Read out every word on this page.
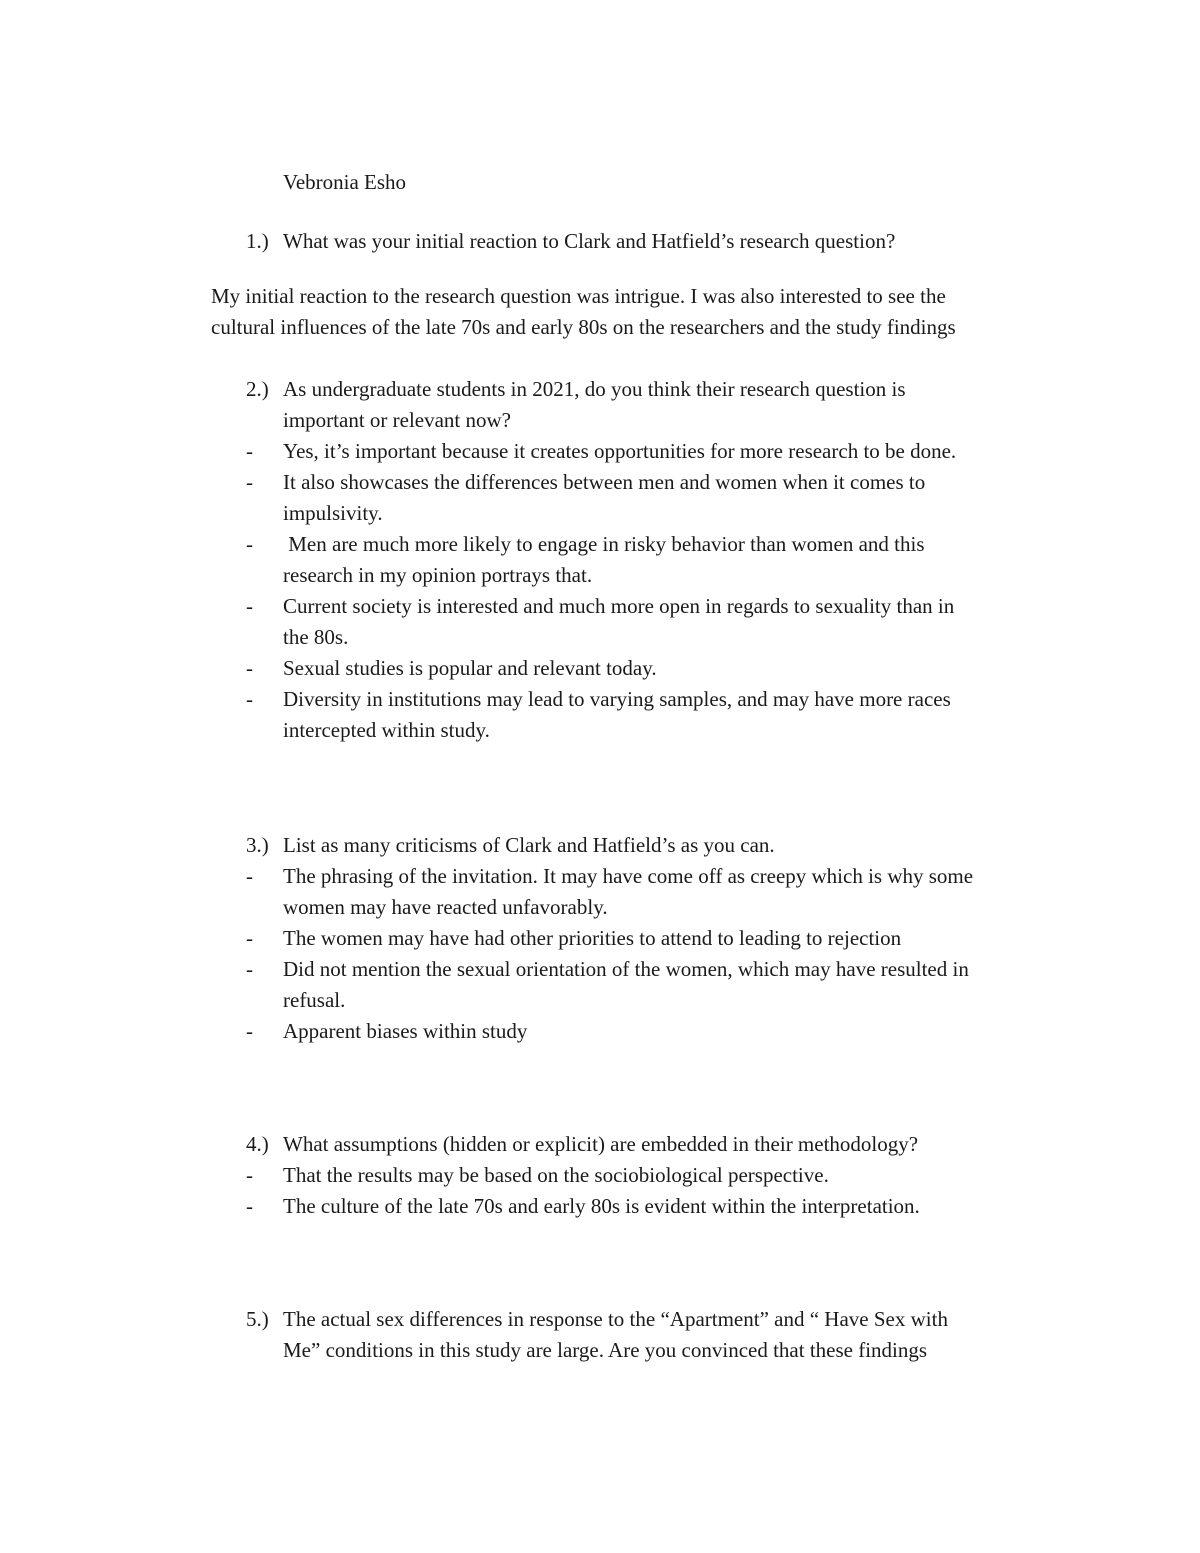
Vebronia Esho
1.) What was your initial reaction to Clark and Hatfield’s research question?
My initial reaction to the research question was intrigue. I was also interested to see the
cultural influences of the late 70s and early 80s on the researchers and the study findings
2.) As undergraduate students in 2021, do you think their research question is
important or relevant now?
- Yes, it’s important because it creates opportunities for more research to be done.
- It also showcases the differences between men and women when it comes to
impulsivity.
- Men are much more likely to engage in risky behavior than women and this
research in my opinion portrays that.
- Current society is interested and much more open in regards to sexuality than in
the 80s.
- Sexual studies is popular and relevant today.
- Diversity in institutions may lead to varying samples, and may have more races
intercepted within study.
3.) List as many criticisms of Clark and Hatfield’s as you can.
- The phrasing of the invitation. It may have come off as creepy which is why some
women may have reacted unfavorably.
- The women may have had other priorities to attend to leading to rejection
- Did not mention the sexual orientation of the women, which may have resulted in
refusal.
- Apparent biases within study
4.) What assumptions (hidden or explicit) are embedded in their methodology?
- That the results may be based on the sociobiological perspective.
- The culture of the late 70s and early 80s is evident within the interpretation.
5.) The actual sex differences in response to the “Apartment” and “ Have Sex with
Me” conditions in this study are large. Are you convinced that these findings
